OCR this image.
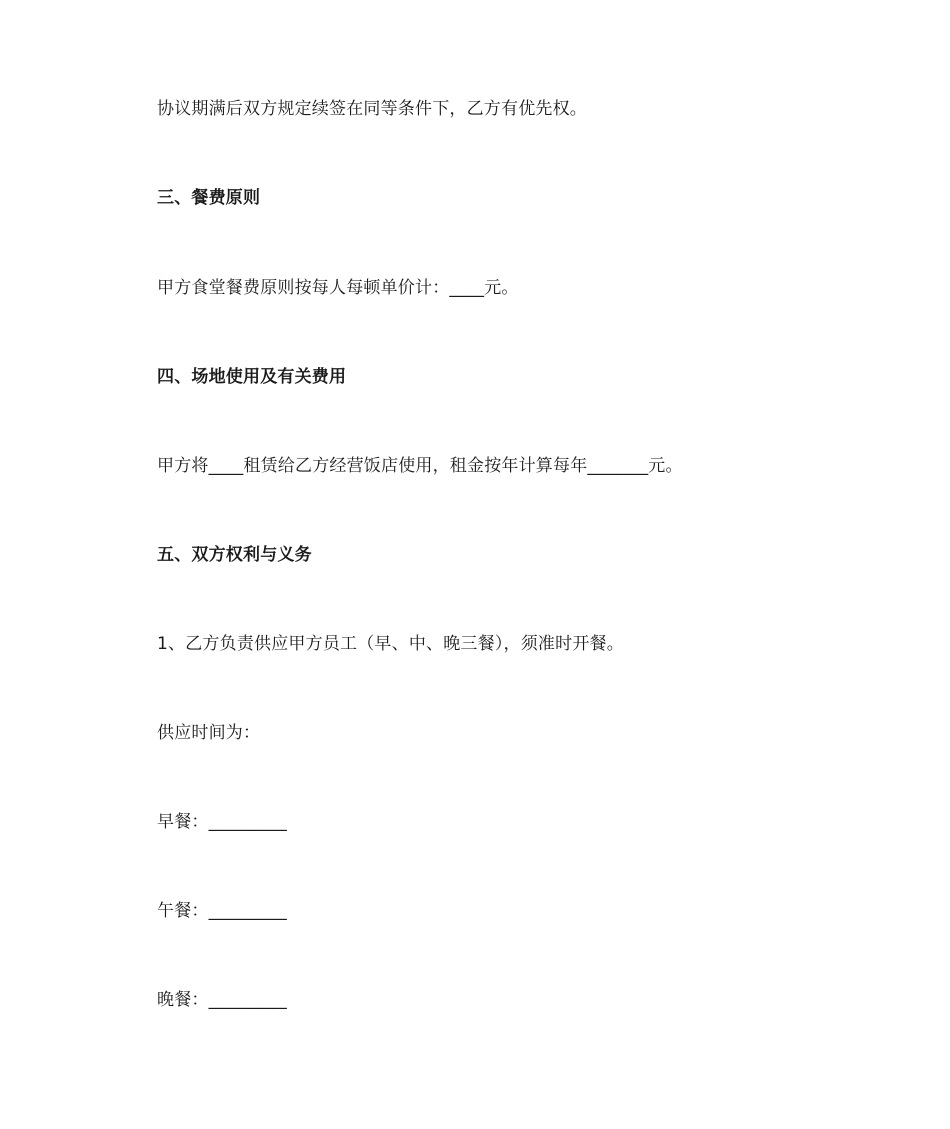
协议期满后双方规定续签在同等条件下，乙方有优先权。
三、餐费原则
甲方食堂餐费原则按每人每顿单价计：____元。
四、场地使用及有关费用
甲方将____租赁给乙方经营饭店使用，租金按年计算每年_______元。
五、双方权利与义务
1、乙方负责供应甲方员工（早、中、晚三餐），须准时开餐。
供应时间为：
早餐：_________
午餐：_________
晚餐：_________
